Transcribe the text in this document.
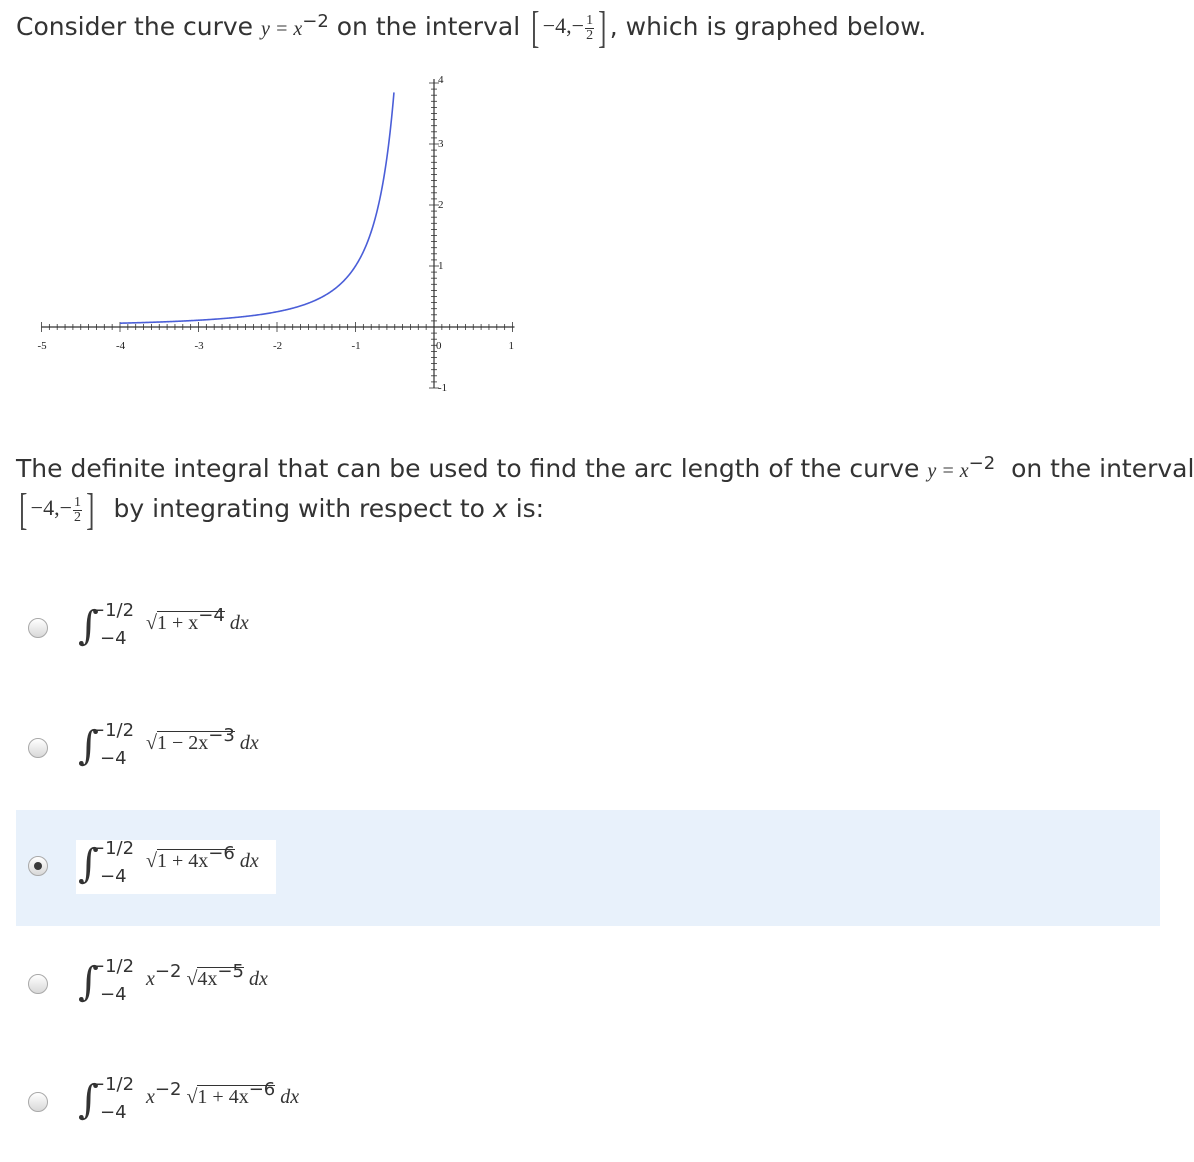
Consider the curve $y = x^{-2}$ on the interval [ $-4,- \frac{1}{2}$ ] , which is graphed below.
-5	-4	-3	-2	-1	0	1
1
2
3
4
-1
The definite integral that can be used to find the arc length of the curve $y = x^{-2}$ on the interval
[ $-4,- \frac{1}{2}$ ] by integrating with respect to x is:
∫
−1/2
−4
$√1 + x^{-4}$ dx
∫
−1/2
−4
$√1 - 2x^{-3}$ dx
∫
−1/2
−4
$√1 + 4x^{-6}$ dx
∫
−1/2
−4
$x^{-2}$ $√4x^{-5}$ dx
∫
−1/2
−4
$x^{-2}$ $√1 + 4x^{-6}$ dx
